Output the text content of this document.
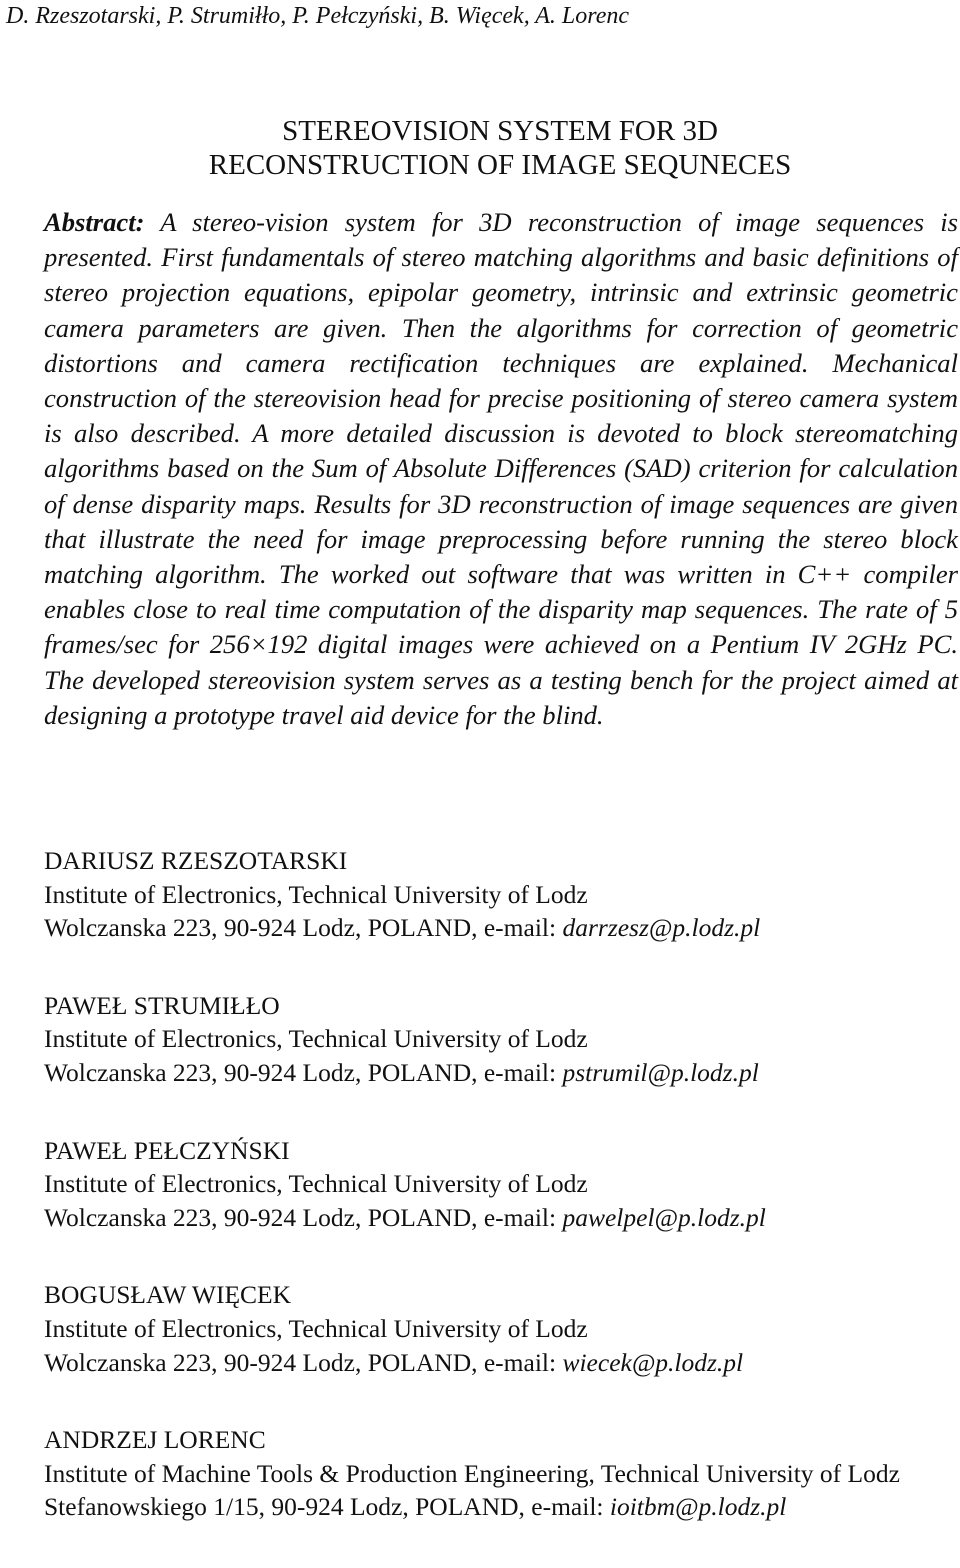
D. Rzeszotarski, P. Strumiłło, P. Pełczyński, B. Więcek, A. Lorenc
STEREOVISION SYSTEM FOR 3D
RECONSTRUCTION OF IMAGE SEQUNECES

Abstract: A stereo-vision system for 3D reconstruction of image sequences is presented. First fundamentals of stereo matching algorithms and basic definitions of stereo projection equations, epipolar geometry, intrinsic and extrinsic geometric camera parameters are given. Then the algorithms for correction of geometric distortions and camera rectification techniques are explained. Mechanical construction of the stereovision head for precise positioning of stereo camera system is also described. A more detailed discussion is devoted to block stereomatching algorithms based on the Sum of Absolute Differences (SAD) criterion for calculation of dense disparity maps. Results for 3D reconstruction of image sequences are given that illustrate the need for image preprocessing before running the stereo block matching algorithm. The worked out software that was written in C++ compiler enables close to real time computation of the disparity map sequences. The rate of 5 frames/sec for 256×192 digital images were achieved on a Pentium IV 2GHz PC. The developed stereovision system serves as a testing bench for the project aimed at designing a prototype travel aid device for the blind.

DARIUSZ RZESZOTARSKI
Institute of Electronics, Technical University of Lodz
Wolczanska 223, 90-924 Lodz, POLAND, e-mail: darrzesz@p.lodz.pl
PAWEŁ STRUMIŁŁO
Institute of Electronics, Technical University of Lodz
Wolczanska 223, 90-924 Lodz, POLAND, e-mail: pstrumil@p.lodz.pl
PAWEŁ PEŁCZYŃSKI
Institute of Electronics, Technical University of Lodz
Wolczanska 223, 90-924 Lodz, POLAND, e-mail: pawelpel@p.lodz.pl
BOGUSŁAW WIĘCEK
Institute of Electronics, Technical University of Lodz
Wolczanska 223, 90-924 Lodz, POLAND, e-mail: wiecek@p.lodz.pl
ANDRZEJ LORENC
Institute of Machine Tools & Production Engineering, Technical University of Lodz
Stefanowskiego 1/15, 90-924 Lodz, POLAND, e-mail: ioitbm@p.lodz.pl
